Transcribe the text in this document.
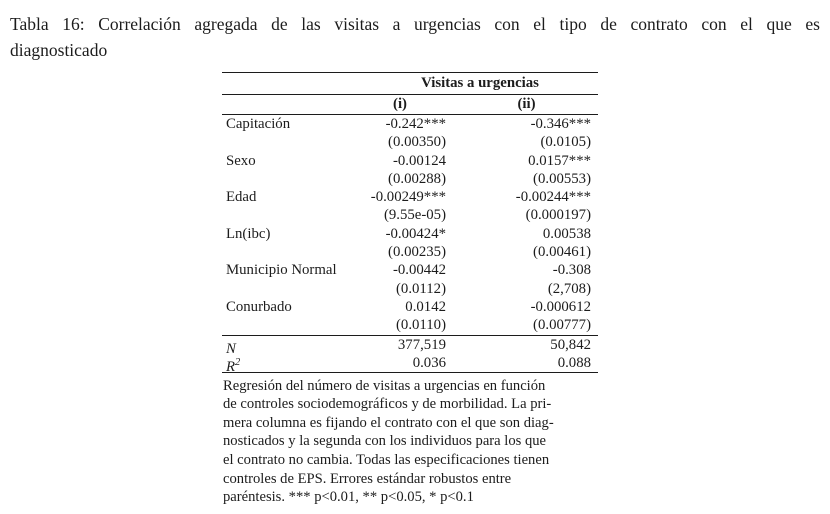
Tabla 16: Correlación agregada de las visitas a urgencias con el tipo de contrato con el que es
diagnosticado
Visitas a urgencias
(i)	(ii)
Capitación	-0.242***	-0.346***
(0.00350)	(0.0105)
Sexo	-0.00124	0.0157***
(0.00288)	(0.00553)
Edad	-0.00249***	-0.00244***
(9.55e-05)	(0.000197)
Ln(ibc)	-0.00424*	0.00538
(0.00235)	(0.00461)
Municipio Normal	-0.00442	-0.308
(0.0112)	(2,708)
Conurbado	0.0142	-0.000612
(0.0110)	(0.00777)
N	377,519	50,842
$R^2$	0.036	0.088
Regresión del número de visitas a urgencias en función
de controles sociodemográficos y de morbilidad. La pri-
mera columna es fijando el contrato con el que son diag-
nosticados y la segunda con los individuos para los que
el contrato no cambia. Todas las especificaciones tienen
controles de EPS. Errores estándar robustos entre
paréntesis. *** p<0.01, ** p<0.05, * p<0.1
